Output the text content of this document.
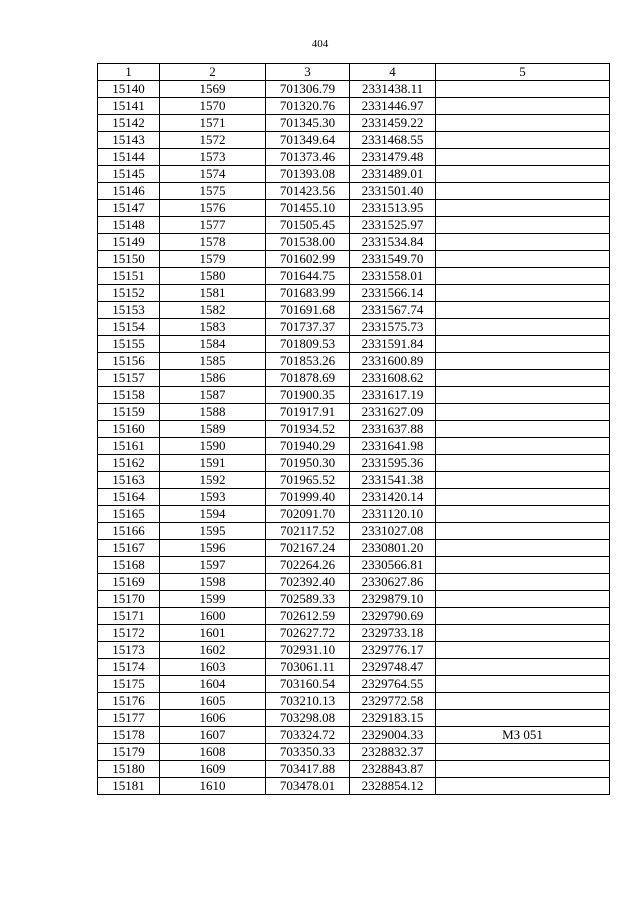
404
1	2	3	4	5
15140	1569	701306.79	2331438.11	
15141	1570	701320.76	2331446.97	
15142	1571	701345.30	2331459.22	
15143	1572	701349.64	2331468.55	
15144	1573	701373.46	2331479.48	
15145	1574	701393.08	2331489.01	
15146	1575	701423.56	2331501.40	
15147	1576	701455.10	2331513.95	
15148	1577	701505.45	2331525.97	
15149	1578	701538.00	2331534.84	
15150	1579	701602.99	2331549.70	
15151	1580	701644.75	2331558.01	
15152	1581	701683.99	2331566.14	
15153	1582	701691.68	2331567.74	
15154	1583	701737.37	2331575.73	
15155	1584	701809.53	2331591.84	
15156	1585	701853.26	2331600.89	
15157	1586	701878.69	2331608.62	
15158	1587	701900.35	2331617.19	
15159	1588	701917.91	2331627.09	
15160	1589	701934.52	2331637.88	
15161	1590	701940.29	2331641.98	
15162	1591	701950.30	2331595.36	
15163	1592	701965.52	2331541.38	
15164	1593	701999.40	2331420.14	
15165	1594	702091.70	2331120.10	
15166	1595	702117.52	2331027.08	
15167	1596	702167.24	2330801.20	
15168	1597	702264.26	2330566.81	
15169	1598	702392.40	2330627.86	
15170	1599	702589.33	2329879.10	
15171	1600	702612.59	2329790.69	
15172	1601	702627.72	2329733.18	
15173	1602	702931.10	2329776.17	
15174	1603	703061.11	2329748.47	
15175	1604	703160.54	2329764.55	
15176	1605	703210.13	2329772.58	
15177	1606	703298.08	2329183.15	
15178	1607	703324.72	2329004.33	МЗ 051
15179	1608	703350.33	2328832.37	
15180	1609	703417.88	2328843.87	
15181	1610	703478.01	2328854.12	
